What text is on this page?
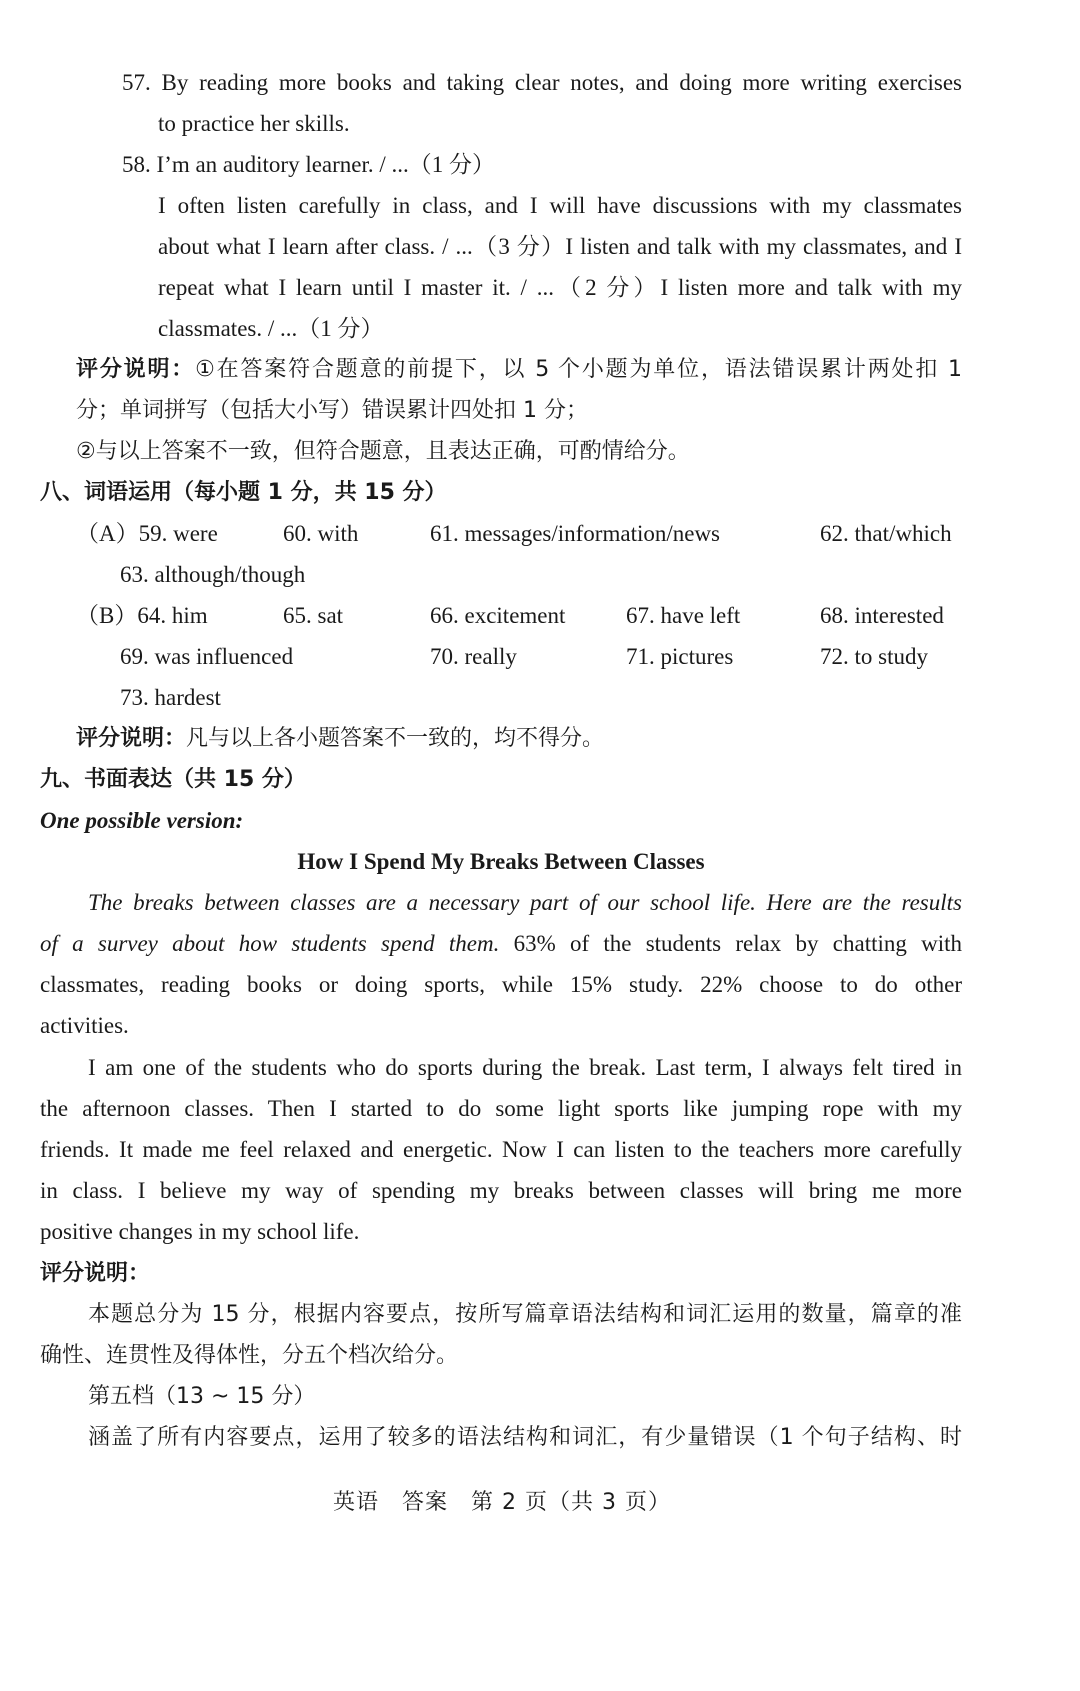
57. By reading more books and taking clear notes, and doing more writing exercises
to practice her skills.
58. I’m an auditory learner. / ...（1 分）
I often listen carefully in class, and I will have discussions with my classmates
about what I learn after class. / ...（3 分）I listen and talk with my classmates, and I
repeat what I learn until I master it. / ...（2 分）I listen more and talk with my
classmates. / ...（1 分）
评分说明：①在答案符合题意的前提下，以 5 个小题为单位，语法错误累计两处扣 1
分；单词拼写（包括大小写）错误累计四处扣 1 分；
②与以上答案不一致，但符合题意，且表达正确，可酌情给分。
八、词语运用（每小题 1 分，共 15 分）
（A）59. were	60. with	61. messages/information/news	62. that/which
63. although/though
（B）64. him	65. sat	66. excitement	67. have left	68. interested
69. was influenced	70. really	71. pictures	72. to study
73. hardest
评分说明：凡与以上各小题答案不一致的，均不得分。
九、书面表达（共 15 分）
One possible version:
How I Spend My Breaks Between Classes
The breaks between classes are a necessary part of our school life. Here are the results
of a survey about how students spend them. 63% of the students relax by chatting with
classmates, reading books or doing sports, while 15% study. 22% choose to do other
activities.
I am one of the students who do sports during the break. Last term, I always felt tired in
the afternoon classes. Then I started to do some light sports like jumping rope with my
friends. It made me feel relaxed and energetic. Now I can listen to the teachers more carefully
in class. I believe my way of spending my breaks between classes will bring me more
positive changes in my school life.
评分说明：
本题总分为 15 分，根据内容要点，按所写篇章语法结构和词汇运用的数量，篇章的准
确性、连贯性及得体性，分五个档次给分。
第五档（13 ~ 15 分）
涵盖了所有内容要点，运用了较多的语法结构和词汇，有少量错误（1 个句子结构、时
英语　答案　第 2 页（共 3 页）
